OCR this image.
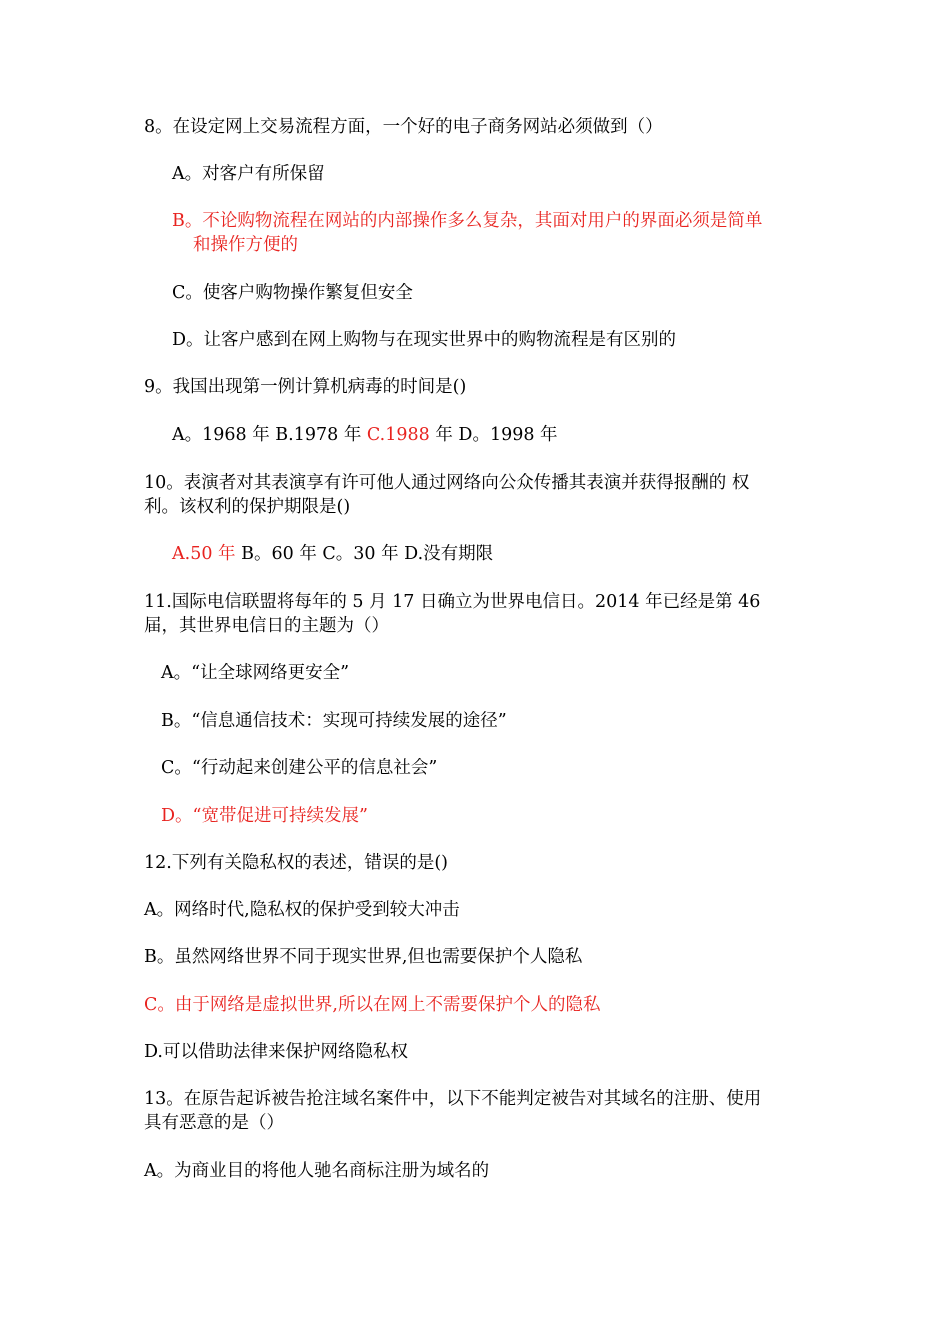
8。在设定网上交易流程方面，一个好的电子商务网站必须做到（）
A。对客户有所保留
B。不论购物流程在网站的内部操作多么复杂，其面对用户的界面必须是简单
和操作方便的
C。使客户购物操作繁复但安全
D。让客户感到在网上购物与在现实世界中的购物流程是有区别的
9。我国出现第一例计算机病毒的时间是()
A。1968 年 B.1978 年 C.1988 年 D。1998 年
10。表演者对其表演享有许可他人通过网络向公众传播其表演并获得报酬的 权
利。该权利的保护期限是()
A.50 年 B。60 年 C。30 年 D.没有期限
11.国际电信联盟将每年的 5 月 17 日确立为世界电信日。2014 年已经是第 46
届，其世界电信日的主题为（）
A。“让全球网络更安全”
B。“信息通信技术：实现可持续发展的途径”
C。“行动起来创建公平的信息社会”
D。“宽带促进可持续发展”
12.下列有关隐私权的表述，错误的是()
A。网络时代,隐私权的保护受到较大冲击
B。虽然网络世界不同于现实世界,但也需要保护个人隐私
C。由于网络是虚拟世界,所以在网上不需要保护个人的隐私
D.可以借助法律来保护网络隐私权
13。在原告起诉被告抢注域名案件中，以下不能判定被告对其域名的注册、使用
具有恶意的是（）
A。为商业目的将他人驰名商标注册为域名的
